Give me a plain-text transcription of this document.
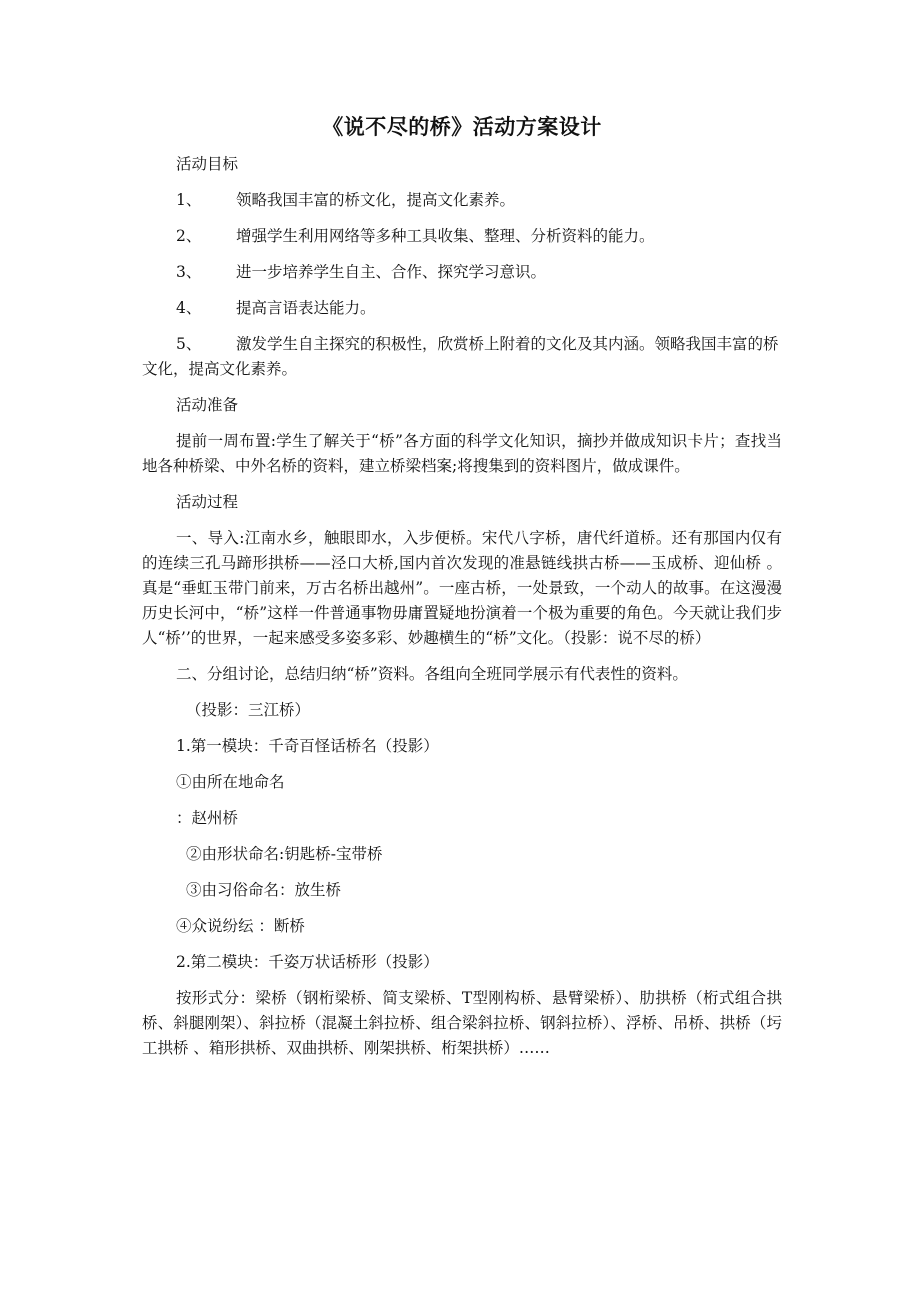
《说不尽的桥》活动方案设计
活动目标
1、	领略我国丰富的桥文化，提高文化素养。
2、	增强学生利用网络等多种工具收集、整理、分析资料的能力。
3、	进一步培养学生自主、合作、探究学习意识。
4、	提高言语表达能力。
5、 激发学生自主探究的积极性，欣赏桥上附着的文化及其内涵。领略我国丰富的桥文化，提高文化素养。
活动准备
提前一周布置:学生了解关于“桥”各方面的科学文化知识，摘抄并做成知识卡片；查找当地各种桥梁、中外名桥的资料，建立桥梁档案;将搜集到的资料图片，做成课件。
活动过程
一、导入:江南水乡，触眼即水，入步便桥。宋代八字桥，唐代纤道桥。还有那国内仅有的连续三孔马蹄形拱桥——泾口大桥,国内首次发现的准悬链线拱古桥——玉成桥、迎仙桥 。真是“垂虹玉带门前来，万古名桥出越州”。一座古桥，一处景致，一个动人的故事。在这漫漫历史长河中，“桥”这样一件普通事物毋庸置疑地扮演着一个极为重要的角色。今天就让我们步人“桥’’的世界，一起来感受多姿多彩、妙趣横生的“桥”文化。（投影：说不尽的桥）
二、分组讨论，总结归纳“桥”资料。各组向全班同学展示有代表性的资料。
（投影：三江桥）
1.第一模块：千奇百怪话桥名（投影）
①由所在地命名
：赵州桥
②由形状命名:钥匙桥-宝带桥
③由习俗命名：放生桥
④众说纷纭 ：断桥
2.第二模块：千姿万状话桥形（投影）
按形式分：梁桥（钢桁梁桥、简支梁桥、T型刚构桥、悬臂梁桥）、肋拱桥（桁式组合拱桥、斜腿刚架）、斜拉桥（混凝土斜拉桥、组合梁斜拉桥、钢斜拉桥）、浮桥、吊桥、拱桥（圬工拱桥 、箱形拱桥、双曲拱桥、刚架拱桥、桁架拱桥）……
